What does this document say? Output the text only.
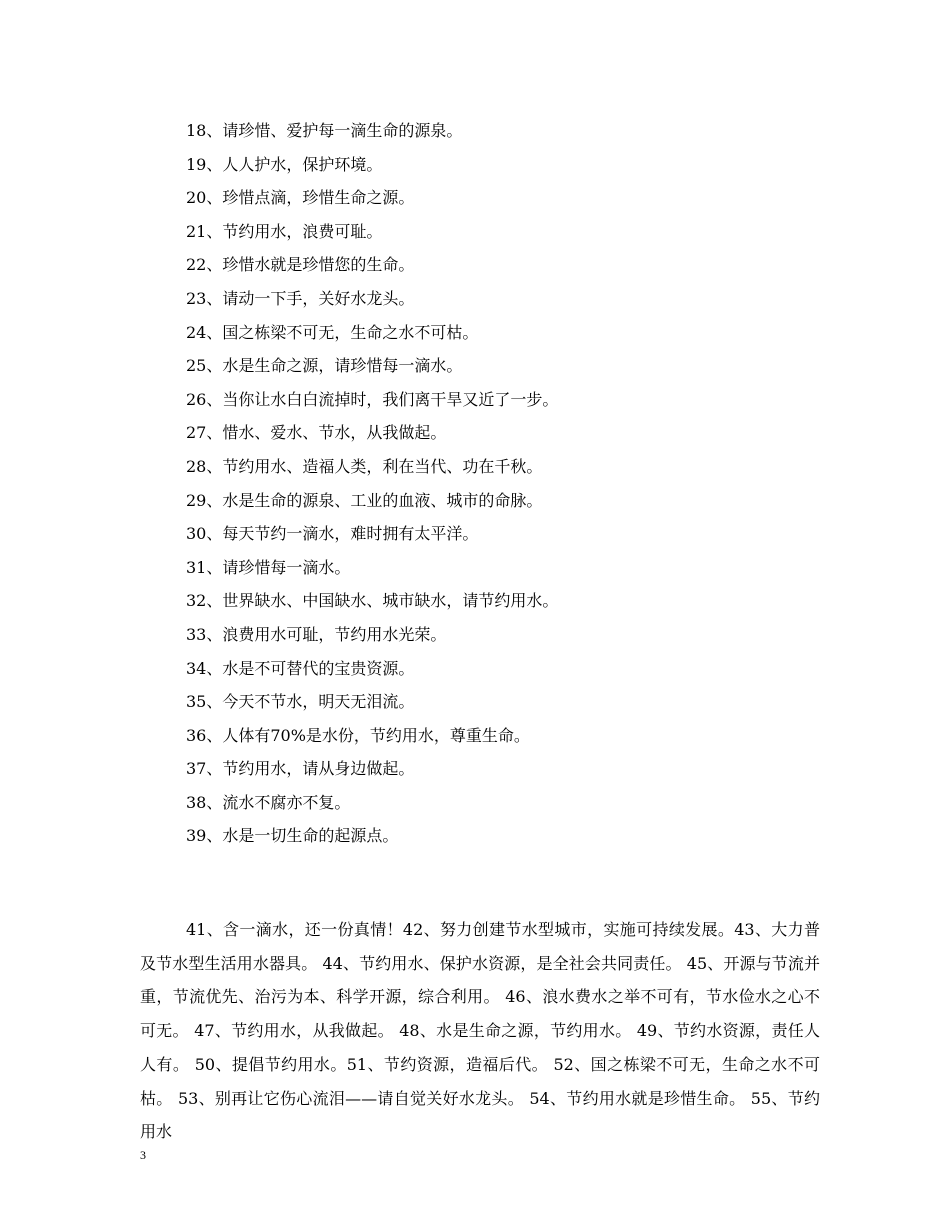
18、请珍惜、爱护每一滴生命的源泉。
19、人人护水，保护环境。
20、珍惜点滴，珍惜生命之源。
21、节约用水，浪费可耻。
22、珍惜水就是珍惜您的生命。
23、请动一下手，关好水龙头。
24、国之栋梁不可无，生命之水不可枯。
25、水是生命之源，请珍惜每一滴水。
26、当你让水白白流掉时，我们离干旱又近了一步。
27、惜水、爱水、节水，从我做起。
28、节约用水、造福人类，利在当代、功在千秋。
29、水是生命的源泉、工业的血液、城市的命脉。
30、每天节约一滴水，难时拥有太平洋。
31、请珍惜每一滴水。
32、世界缺水、中国缺水、城市缺水，请节约用水。
33、浪费用水可耻，节约用水光荣。
34、水是不可替代的宝贵资源。
35、今天不节水，明天无泪流。
36、人体有70%是水份，节约用水，尊重生命。
37、节约用水，请从身边做起。
38、流水不腐亦不复。
39、水是一切生命的起源点。

41、含一滴水，还一份真情！42、努力创建节水型城市，实施可持续发展。43、大力普及节水型生活用水器具。 44、节约用水、保护水资源，是全社会共同责任。 45、开源与节流并重，节流优先、治污为本、科学开源，综合利用。 46、浪水费水之举不可有，节水俭水之心不可无。 47、节约用水，从我做起。 48、水是生命之源，节约用水。 49、节约水资源，责任人人有。 50、提倡节约用水。51、节约资源，造福后代。 52、国之栋梁不可无，生命之水不可枯。 53、别再让它伤心流泪——请自觉关好水龙头。 54、节约用水就是珍惜生命。 55、节约用水

3
